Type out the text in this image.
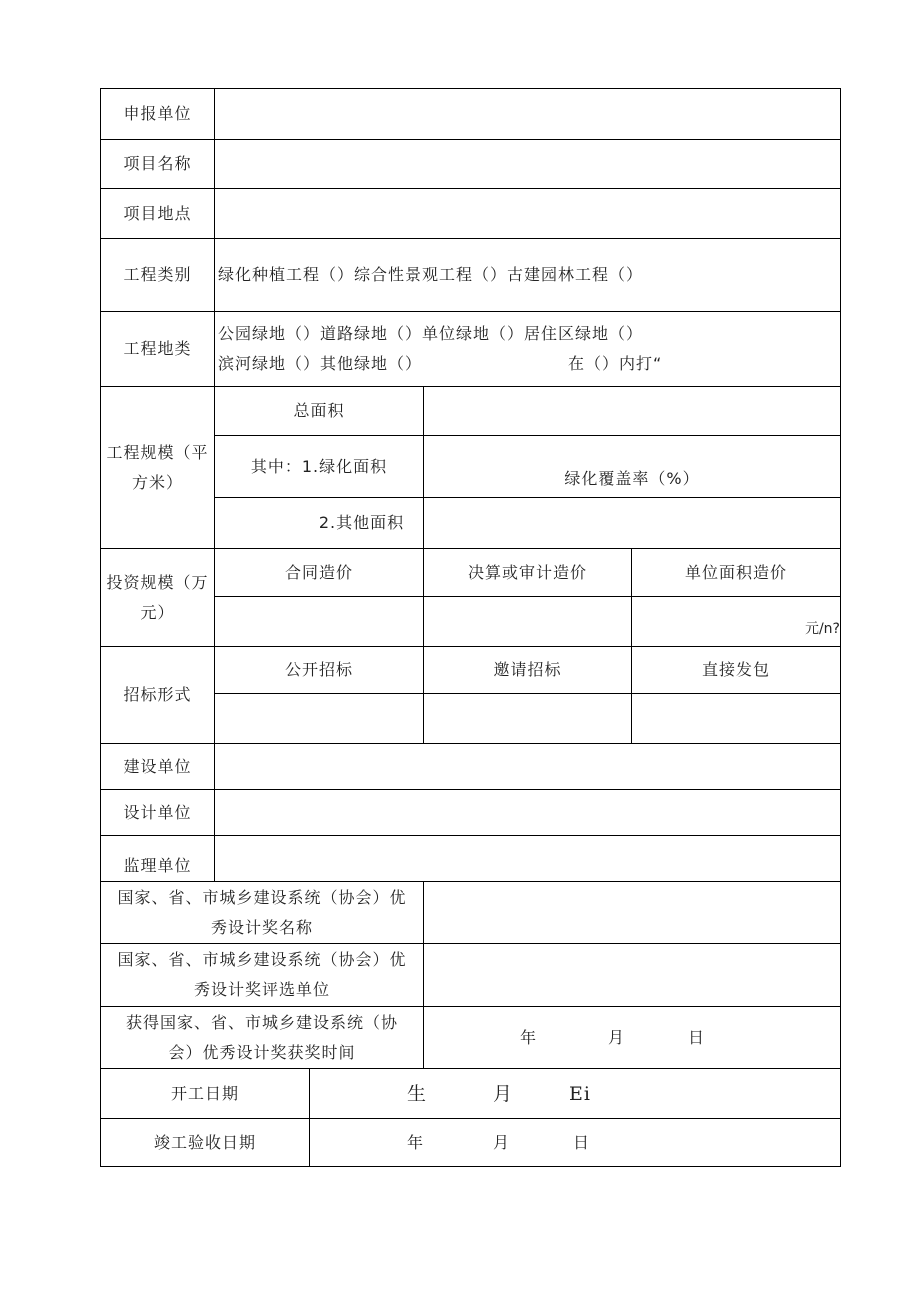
申报单位
项目名称
项目地点
工程类别 绿化种植工程（）综合性景观工程（）古建园林工程（）
工程地类
公园绿地（）道路绿地（）单位绿地（）居住区绿地（）
滨河绿地（）其他绿地（）	在（）内打“
工程规模（平
方米）
总面积
其中：1.绿化面积
绿化覆盖率（%）
2.其他面积
投资规模（万
元）
合同造价	决算或审计造价	单位面积造价
元/n?
招标形式
公开招标	邀请招标	直接发包
建设单位
设计单位
监理单位
国家、省、市城乡建设系统（协会）优
秀设计奖名称
国家、省、市城乡建设系统（协会）优
秀设计奖评选单位
获得国家、省、市城乡建设系统（协
会）优秀设计奖获奖时间
年	月	日
开工日期	生	月	Ei
竣工验收日期	年	月	日
